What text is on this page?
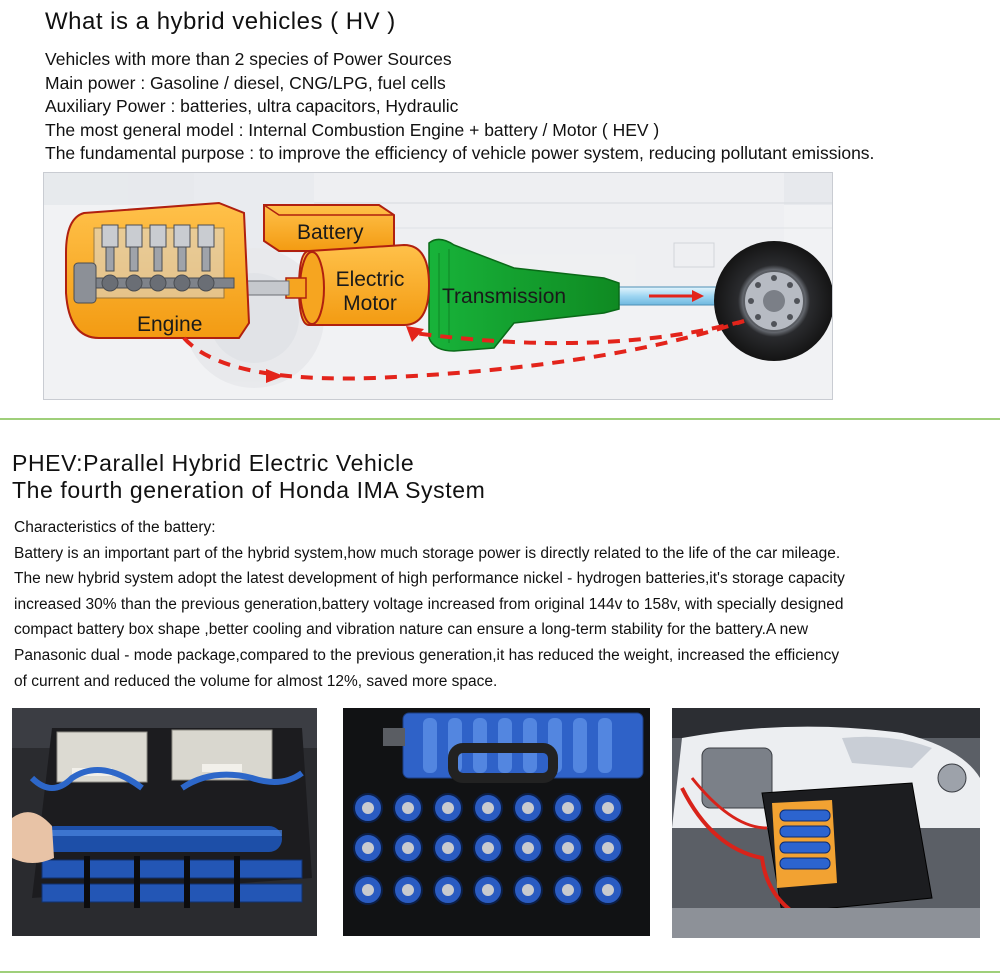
What is a hybrid vehicles ( HV )
Vehicles with more than 2 species of Power Sources
Main power : Gasoline / diesel, CNG/LPG, fuel cells
Auxiliary Power : batteries, ultra capacitors, Hydraulic
The most general model : Internal Combustion Engine + battery / Motor ( HEV )
The fundamental purpose : to improve the efficiency of vehicle power system, reducing pollutant emissions.
Battery
Electric
Motor Transmission
Engine
PHEV:Parallel Hybrid Electric Vehicle
The fourth generation of Honda IMA System
Characteristics of the battery:
Battery is an important part of the hybrid system,how much storage power is directly related to the life of the car mileage.
The new hybrid system adopt the latest development of high performance nickel - hydrogen batteries,it's storage capacity
increased 30% than the previous generation,battery voltage increased from original 144v to 158v, with specially designed
compact battery box shape ,better cooling and vibration nature can ensure a long-term stability for the battery.A new
Panasonic dual - mode package,compared to the previous generation,it has reduced the weight, increased the efficiency
of current and reduced the volume for almost 12%, saved more space.
